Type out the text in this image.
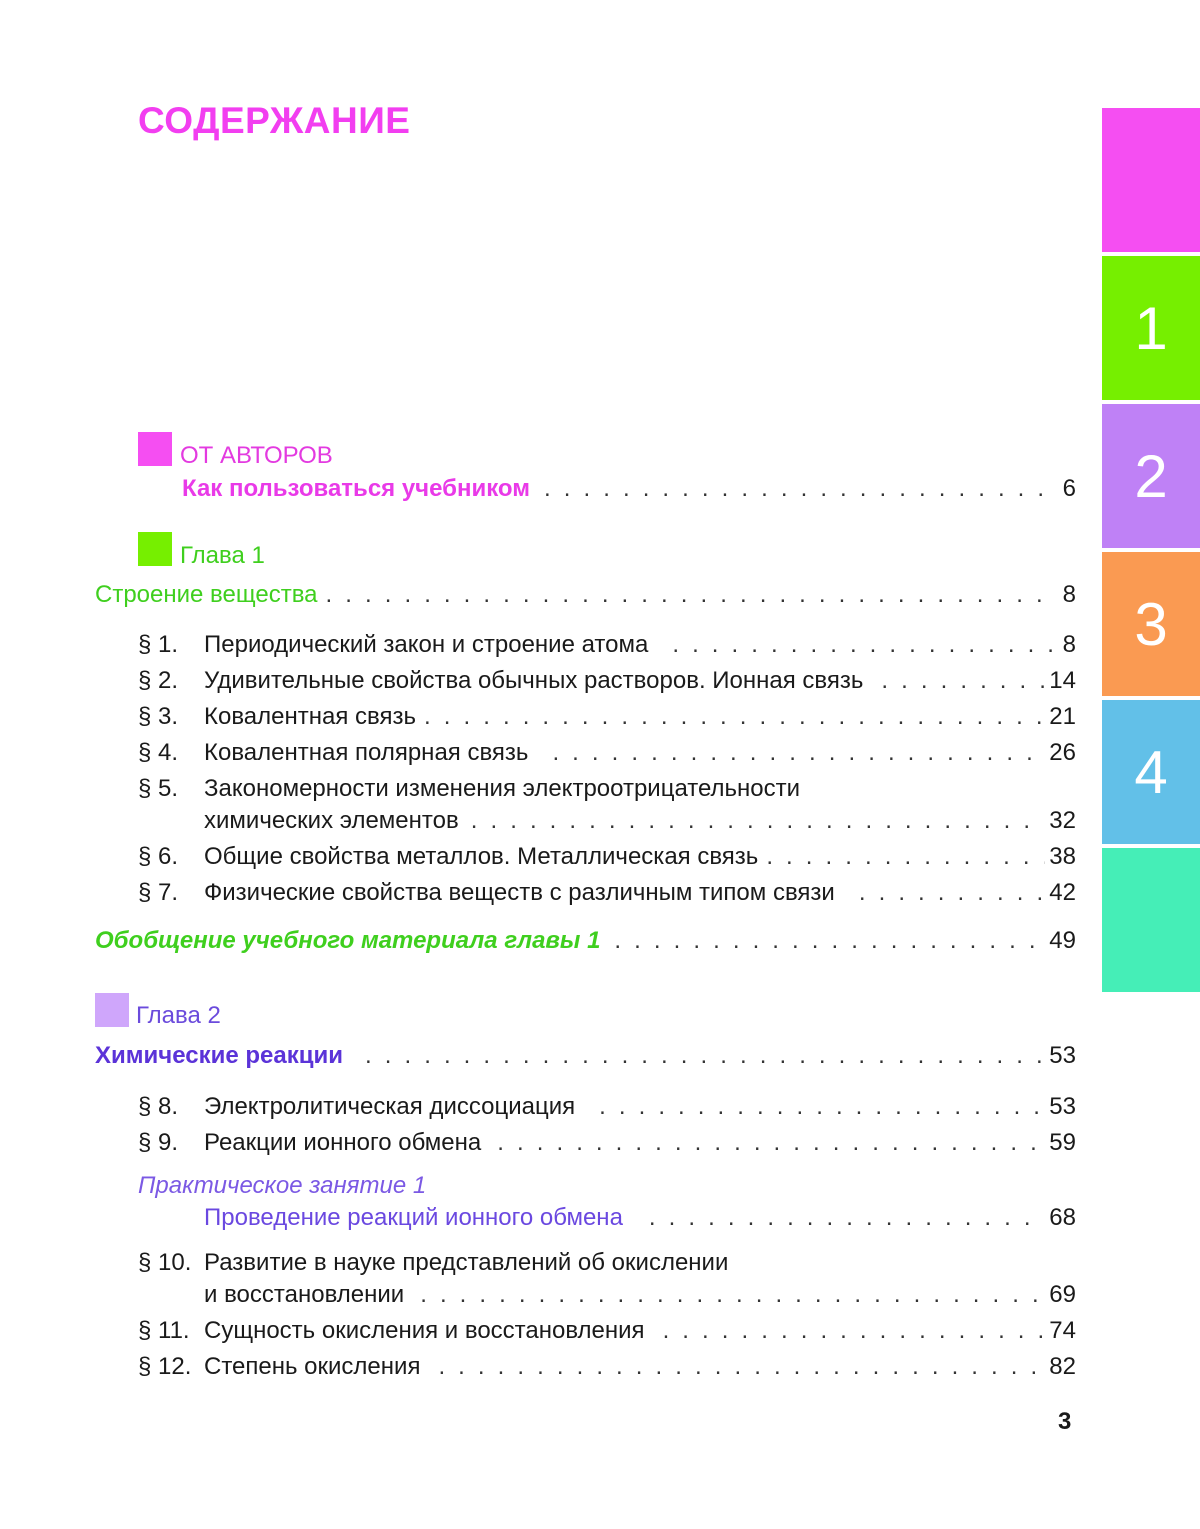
СОДЕРЖАНИЕ
1
2
3
4
ОТ АВТОРОВ
Как пользоваться учебником . . .	6
Глава 1
Строение вещества . . .	8
§ 1.	Периодический закон и строение атома . . .	8
§ 2.	Удивительные свойства обычных растворов. Ионная связь . . .	14
§ 3.	Ковалентная связь . . .	21
§ 4.	Ковалентная полярная связь . . .	26
§ 5. Закономерности изменения электроотрицательности
химических элементов . . .	32
§ 6.	Общие свойства металлов. Металлическая связь . . .	38
§ 7.	Физические свойства веществ с различным типом связи . . .	42
Обобщение учебного материала главы 1 . . .	49
Глава 2
Химические реакции . . .	53
§ 8.	Электролитическая диссоциация . . .	53
§ 9.	Реакции ионного обмена . . .	59
Практическое занятие 1
Проведение реакций ионного обмена . . .	68
§ 10. Развитие в науке представлений об окислении
и восстановлении . . .	69
§ 11. Сущность окисления и восстановления . . .	74
§ 12. Степень окисления . . .	82
3
